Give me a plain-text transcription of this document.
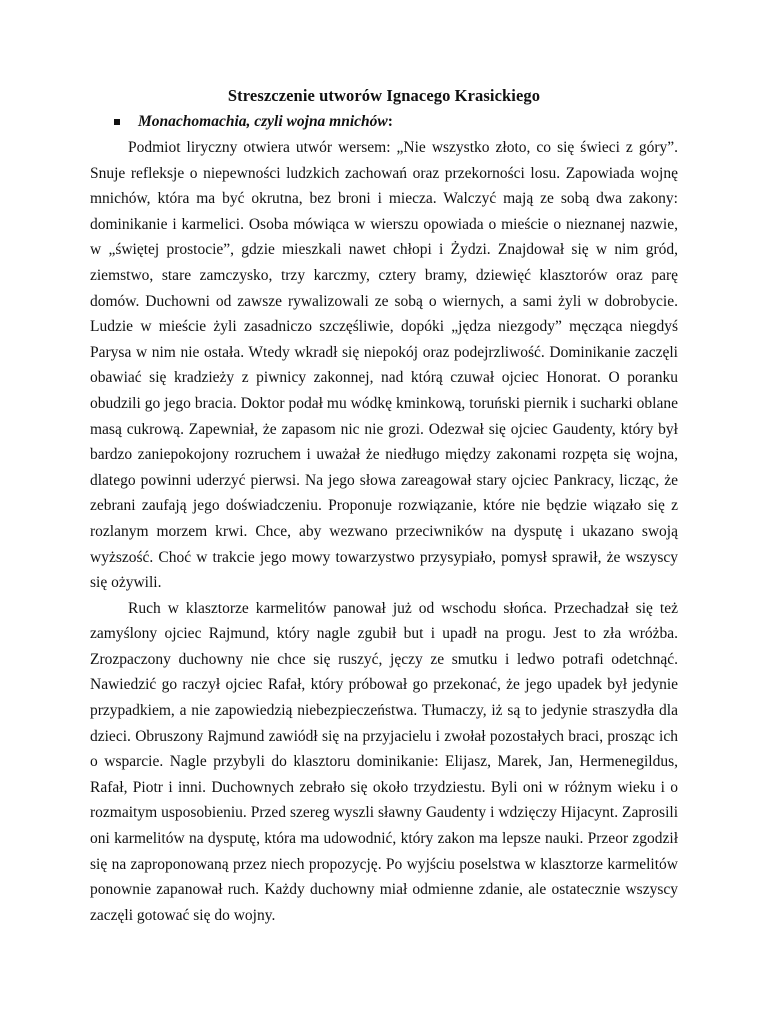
Streszczenie utworów Ignacego Krasickiego
Monachomachia, czyli wojna mnichów:

Podmiot liryczny otwiera utwór wersem: „Nie wszystko złoto, co się świeci z góry”. Snuje refleksje o niepewności ludzkich zachowań oraz przekorności losu. Zapowiada wojnę mnichów, która ma być okrutna, bez broni i miecza. Walczyć mają ze sobą dwa zakony: dominikanie i karmelici. Osoba mówiąca w wierszu opowiada o mieście o nieznanej nazwie, w „świętej prostocie”, gdzie mieszkali nawet chłopi i Żydzi. Znajdował się w nim gród, ziemstwo, stare zamczysko, trzy karczmy, cztery bramy, dziewięć klasztorów oraz parę domów. Duchowni od zawsze rywalizowali ze sobą o wiernych, a sami żyli w dobrobycie. Ludzie w mieście żyli zasadniczo szczęśliwie, dopóki „jędza niezgody” męcząca niegdyś Parysa w nim nie ostała. Wtedy wkradł się niepokój oraz podejrzliwość. Dominikanie zaczęli obawiać się kradzieży z piwnicy zakonnej, nad którą czuwał ojciec Honorat. O poranku obudzili go jego bracia. Doktor podał mu wódkę kminkową, toruński piernik i sucharki oblane masą cukrową. Zapewniał, że zapasom nic nie grozi. Odezwał się ojciec Gaudenty, który był bardzo zaniepokojony rozruchem i uważał że niedługo między zakonami rozpęta się wojna, dlatego powinni uderzyć pierwsi. Na jego słowa zareagował stary ojciec Pankracy, licząc, że zebrani zaufają jego doświadczeniu. Proponuje rozwiązanie, które nie będzie wiązało się z rozlanym morzem krwi. Chce, aby wezwano przeciwników na dysputę i ukazano swoją wyższość. Choć w trakcie jego mowy towarzystwo przysypiało, pomysł sprawił, że wszyscy się ożywili.

Ruch w klasztorze karmelitów panował już od wschodu słońca. Przechadzał się też zamyślony ojciec Rajmund, który nagle zgubił but i upadł na progu. Jest to zła wróżba. Zrozpaczony duchowny nie chce się ruszyć, jęczy ze smutku i ledwo potrafi odetchnąć. Nawiedzić go raczył ojciec Rafał, który próbował go przekonać, że jego upadek był jedynie przypadkiem, a nie zapowiedzią niebezpieczeństwa. Tłumaczy, iż są to jedynie straszydła dla dzieci. Obruszony Rajmund zawiódł się na przyjacielu i zwołał pozostałych braci, prosząc ich o wsparcie. Nagle przybyli do klasztoru dominikanie: Elijasz, Marek, Jan, Hermenegildus, Rafał, Piotr i inni. Duchownych zebrało się około trzydziestu. Byli oni w różnym wieku i o rozmaitym usposobieniu. Przed szereg wyszli sławny Gaudenty i wdzięczy Hijacynt. Zaprosili oni karmelitów na dysputę, która ma udowodnić, który zakon ma lepsze nauki. Przeor zgodził się na zaproponowaną przez niech propozycję. Po wyjściu poselstwa w klasztorze karmelitów ponownie zapanował ruch. Każdy duchowny miał odmienne zdanie, ale ostatecznie wszyscy zaczęli gotować się do wojny.
